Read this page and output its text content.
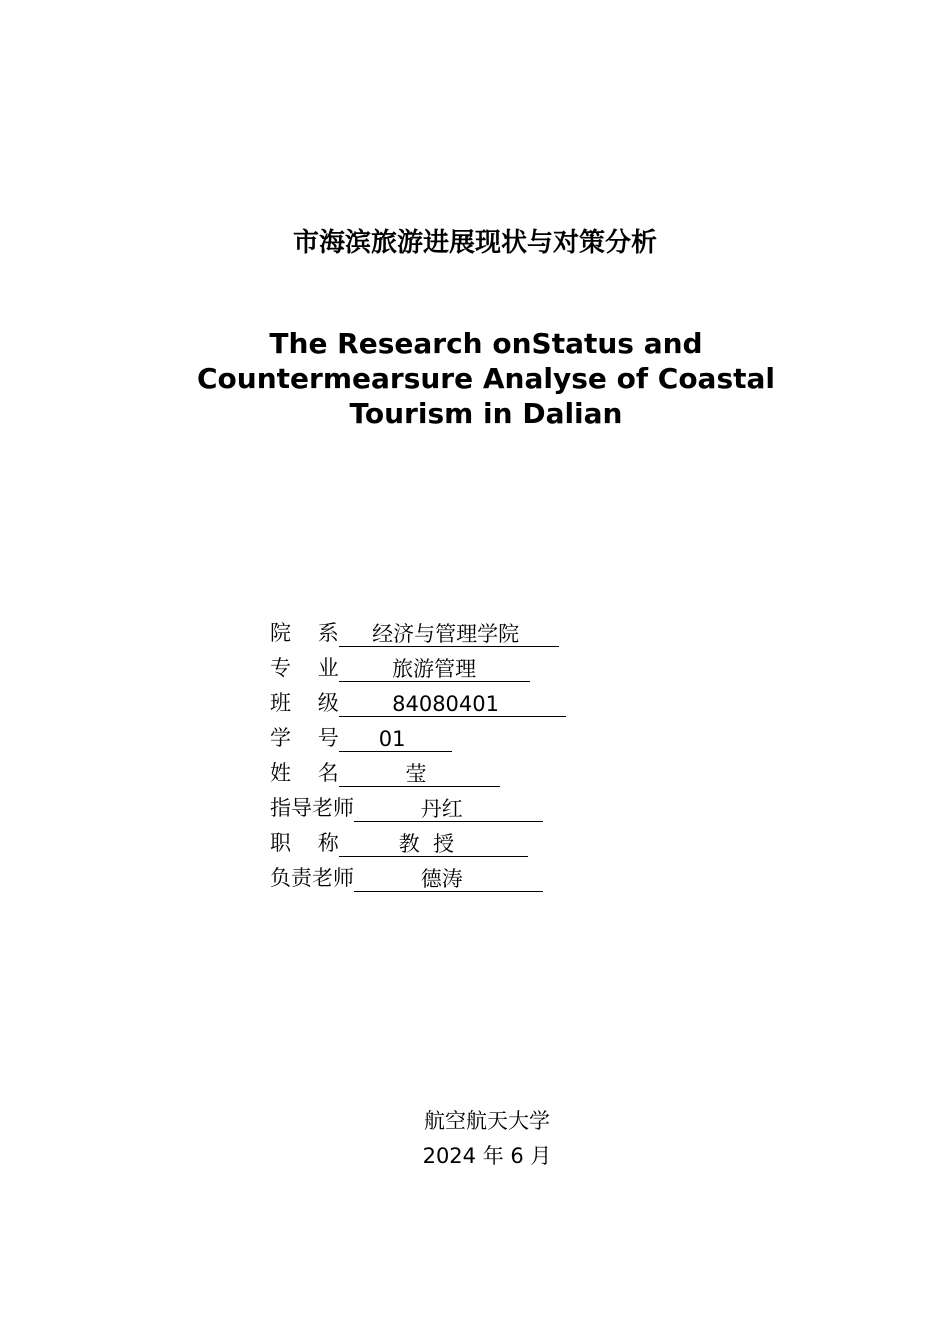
市海滨旅游进展现状与对策分析
The Research onStatus and
Countermearsure Analyse of Coastal
Tourism in Dalian
院    系 经济与管理学院
专    业 旅游管理
班    级 84080401
学    号 01
姓    名 莹
指导老师 丹红
职    称 教  授
负责老师 德涛
航空航天大学
2024 年 6 月
